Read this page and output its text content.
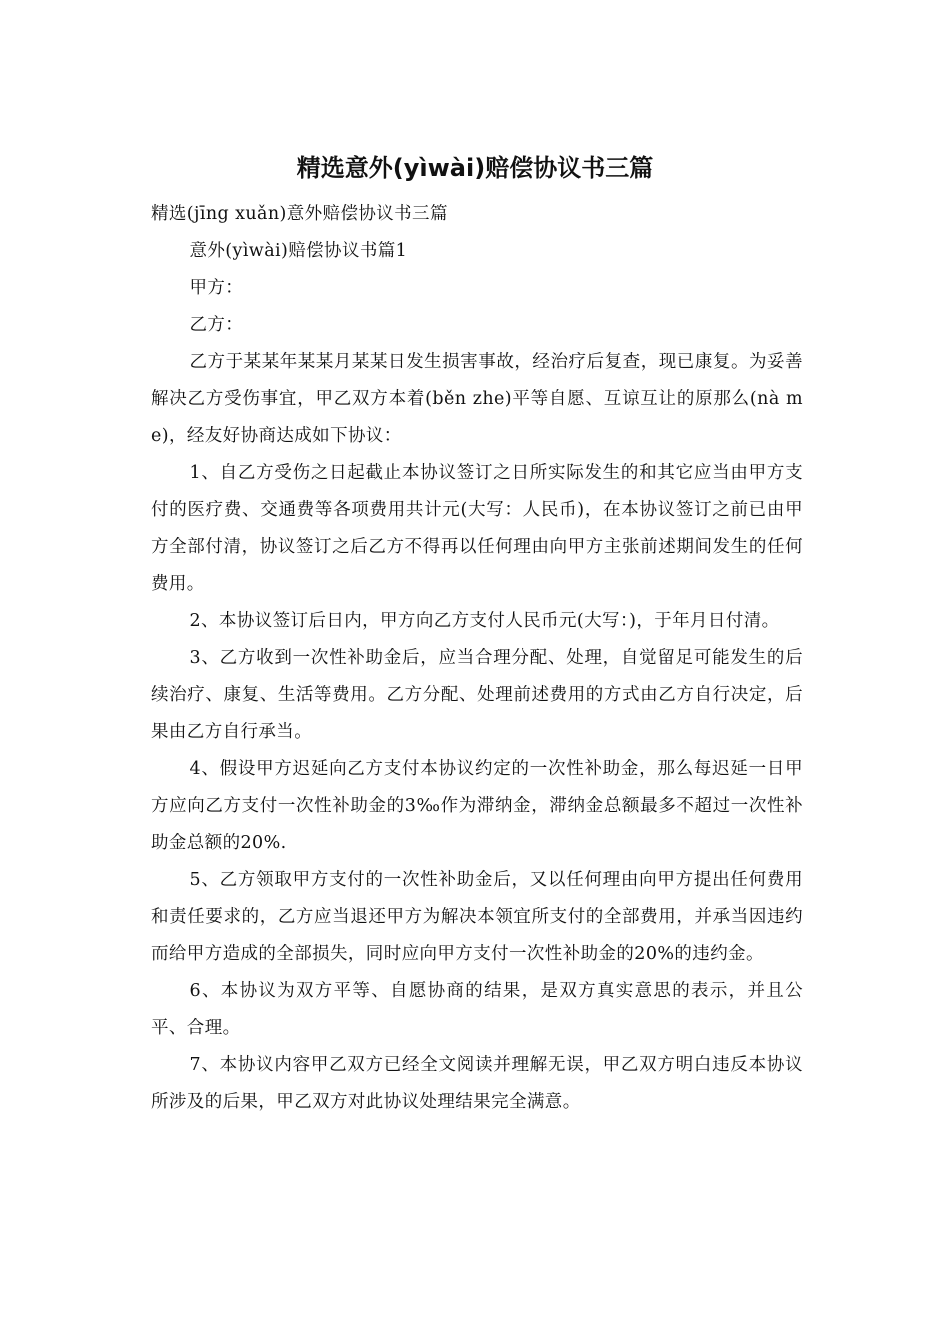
精选意外(yìwài)赔偿协议书三篇

精选(jīng xuǎn)意外赔偿协议书三篇

意外(yìwài)赔偿协议书篇1

甲方：

乙方：

乙方于某某年某某月某某日发生损害事故，经治疗后复查，现已康复。为妥善解决乙方受伤事宜，甲乙双方本着(běn zhe)平等自愿、互谅互让的原那么(nà me)，经友好协商达成如下协议：

1、自乙方受伤之日起截止本协议签订之日所实际发生的和其它应当由甲方支付的医疗费、交通费等各项费用共计元(大写：人民币)，在本协议签订之前已由甲方全部付清，协议签订之后乙方不得再以任何理由向甲方主张前述期间发生的任何费用。

2、本协议签订后日内，甲方向乙方支付人民币元(大写：)，于年月日付清。

3、乙方收到一次性补助金后，应当合理分配、处理，自觉留足可能发生的后续治疗、康复、生活等费用。乙方分配、处理前述费用的方式由乙方自行决定，后果由乙方自行承当。

4、假设甲方迟延向乙方支付本协议约定的一次性补助金，那么每迟延一日甲方应向乙方支付一次性补助金的3‰作为滞纳金，滞纳金总额最多不超过一次性补助金总额的20%.

5、乙方领取甲方支付的一次性补助金后，又以任何理由向甲方提出任何费用和责任要求的，乙方应当退还甲方为解决本领宜所支付的全部费用，并承当因违约而给甲方造成的全部损失，同时应向甲方支付一次性补助金的20%的违约金。

6、本协议为双方平等、自愿协商的结果，是双方真实意思的表示，并且公平、合理。

7、本协议内容甲乙双方已经全文阅读并理解无误，甲乙双方明白违反本协议所涉及的后果，甲乙双方对此协议处理结果完全满意。
